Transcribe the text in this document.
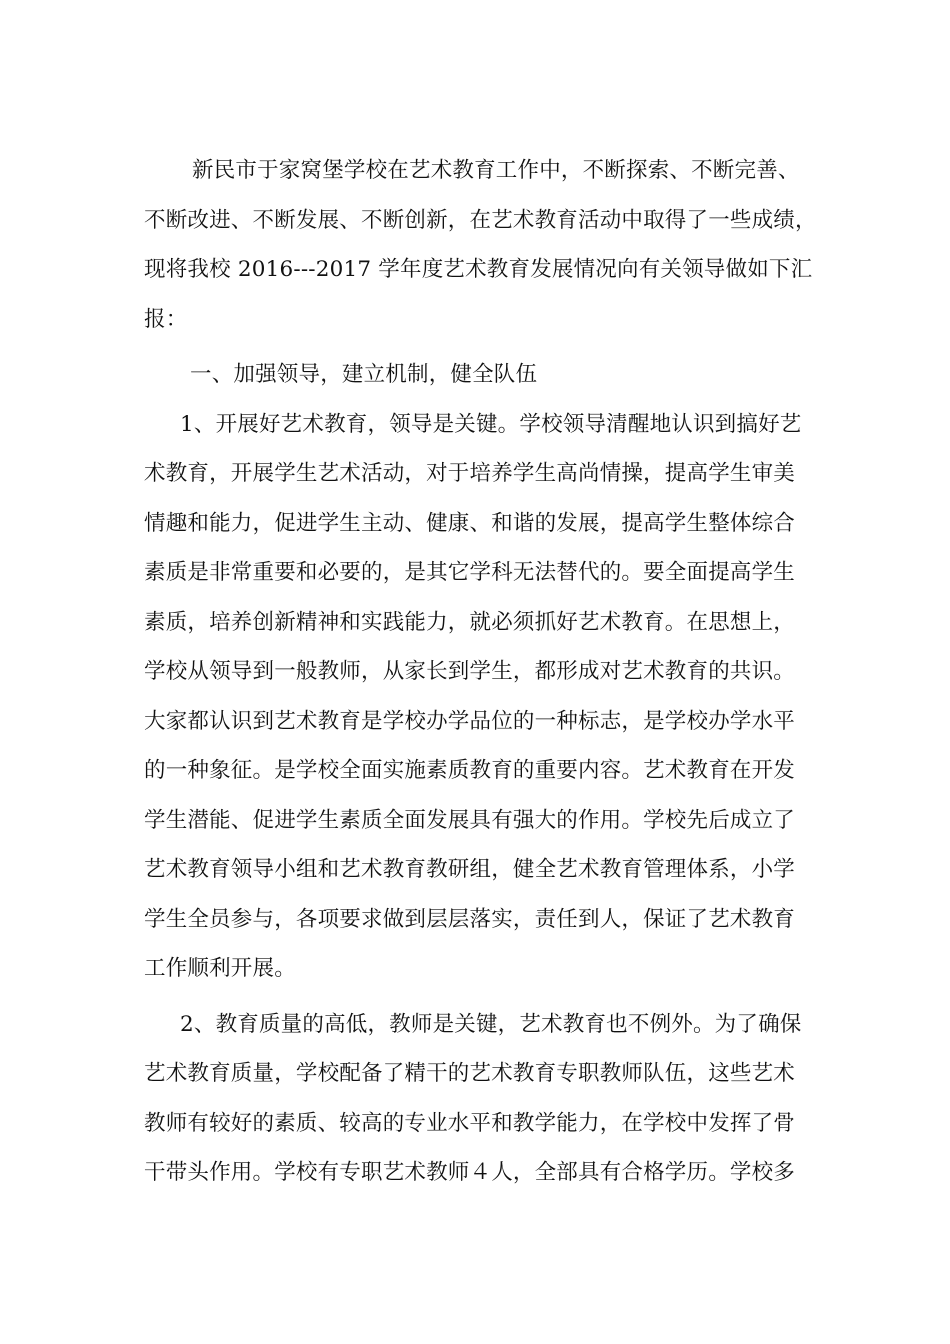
新民市于家窝堡学校在艺术教育工作中，不断探索、不断完善、
不断改进、不断发展、不断创新，在艺术教育活动中取得了一些成绩，
现将我校 2016---2017 学年度艺术教育发展情况向有关领导做如下汇
报：
一、加强领导，建立机制，健全队伍
1、开展好艺术教育，领导是关键。学校领导清醒地认识到搞好艺
术教育，开展学生艺术活动，对于培养学生高尚情操，提高学生审美
情趣和能力，促进学生主动、健康、和谐的发展，提高学生整体综合
素质是非常重要和必要的，是其它学科无法替代的。要全面提高学生
素质，培养创新精神和实践能力，就必须抓好艺术教育。在思想上，
学校从领导到一般教师，从家长到学生，都形成对艺术教育的共识。
大家都认识到艺术教育是学校办学品位的一种标志，是学校办学水平
的一种象征。是学校全面实施素质教育的重要内容。艺术教育在开发
学生潜能、促进学生素质全面发展具有强大的作用。学校先后成立了
艺术教育领导小组和艺术教育教研组，健全艺术教育管理体系，小学
学生全员参与，各项要求做到层层落实，责任到人，保证了艺术教育
工作顺利开展。
2、教育质量的高低，教师是关键，艺术教育也不例外。为了确保
艺术教育质量，学校配备了精干的艺术教育专职教师队伍，这些艺术
教师有较好的素质、较高的专业水平和教学能力，在学校中发挥了骨
干带头作用。学校有专职艺术教师４人，全部具有合格学历。学校多
